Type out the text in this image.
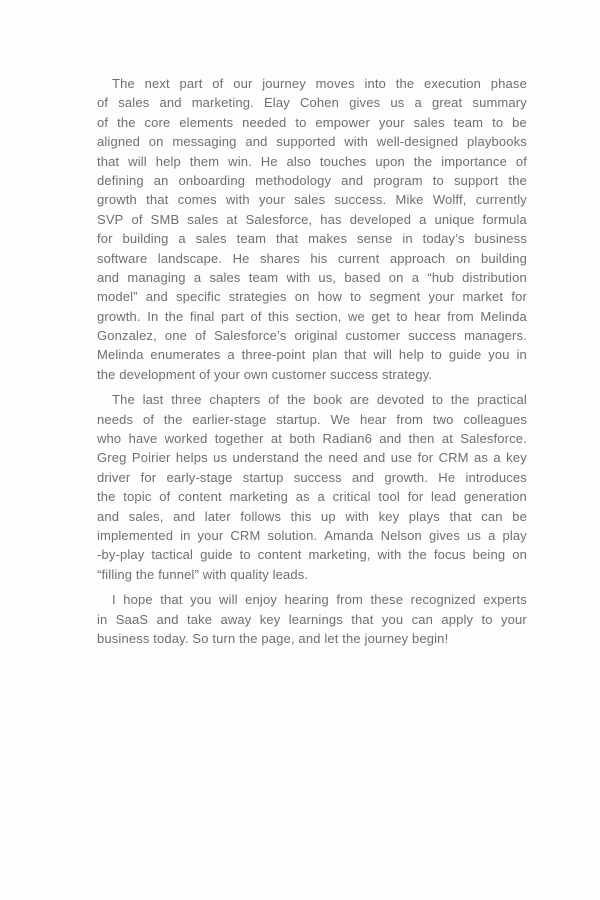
The next part of our journey moves into the execution phase
of sales and marketing. Elay Cohen gives us a great summary
of the core elements needed to empower your sales team to be
aligned on messaging and supported with well-designed playbooks
that will help them win. He also touches upon the importance of
defining an onboarding methodology and program to support the
growth that comes with your sales success. Mike Wolff, currently
SVP of SMB sales at Salesforce, has developed a unique formula
for building a sales team that makes sense in today’s business
software landscape. He shares his current approach on building
and managing a sales team with us, based on a “hub distribution
model” and specific strategies on how to segment your market for
growth. In the final part of this section, we get to hear from Melinda
Gonzalez, one of Salesforce’s original customer success managers.
Melinda enumerates a three-point plan that will help to guide you in
the development of your own customer success strategy.
The last three chapters of the book are devoted to the practical
needs of the earlier-stage startup. We hear from two colleagues
who have worked together at both Radian6 and then at Salesforce.
Greg Poirier helps us understand the need and use for CRM as a key
driver for early-stage startup success and growth. He introduces
the topic of content marketing as a critical tool for lead generation
and sales, and later follows this up with key plays that can be
implemented in your CRM solution. Amanda Nelson gives us a play
-by-play tactical guide to content marketing, with the focus being on
“filling the funnel” with quality leads.
I hope that you will enjoy hearing from these recognized experts
in SaaS and take away key learnings that you can apply to your
business today. So turn the page, and let the journey begin!
